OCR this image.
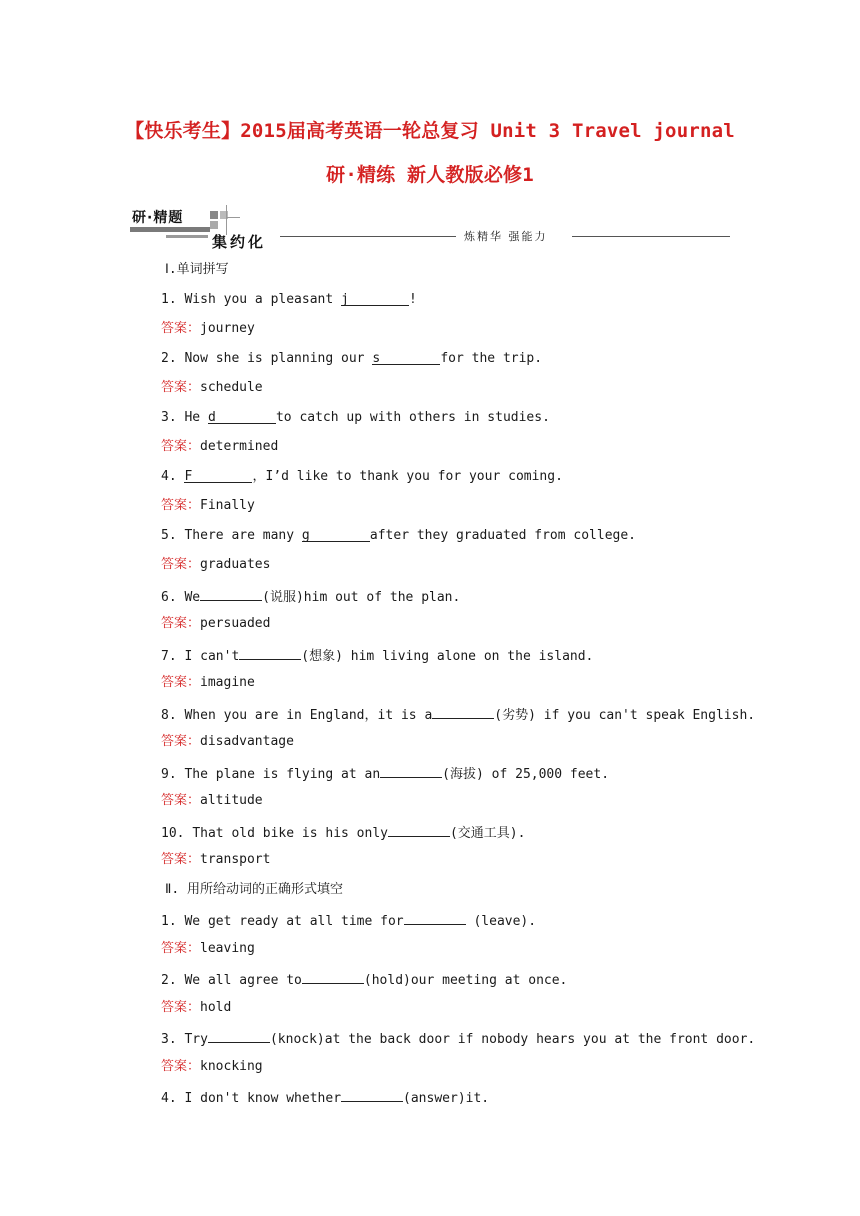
【快乐考生】2015届高考英语一轮总复习 Unit 3 Travel journal
研·精练 新人教版必修1
研·精题
集约化	炼精华 强能力
Ⅰ.单词拼写
1. Wish you a pleasant j	!
答案：journey
2. Now she is planning our s	for the trip.
答案：schedule
3. He d	to catch up with others in studies.
答案：determined
4. F	，I’d like to thank you for your coming.
答案：Finally
5. There are many g	after they graduated from college.
答案：graduates
6. We	(说服)him out of the plan.
答案：persuaded
7. I can't	(想象) him living alone on the island.
答案：imagine
8. When you are in England，it is a	(劣势) if you can't speak English.
答案：disadvantage
9. The plane is flying at an	(海拔) of 25,000 feet.
答案：altitude
10. That old bike is his only	(交通工具).
答案：transport
Ⅱ. 用所给动词的正确形式填空
1. We get ready at all time for	(leave).
答案：leaving
2. We all agree to	(hold)our meeting at once.
答案：hold
3. Try	(knock)at the back door if nobody hears you at the front door.
答案：knocking
4. I don't know whether	(answer)it.
